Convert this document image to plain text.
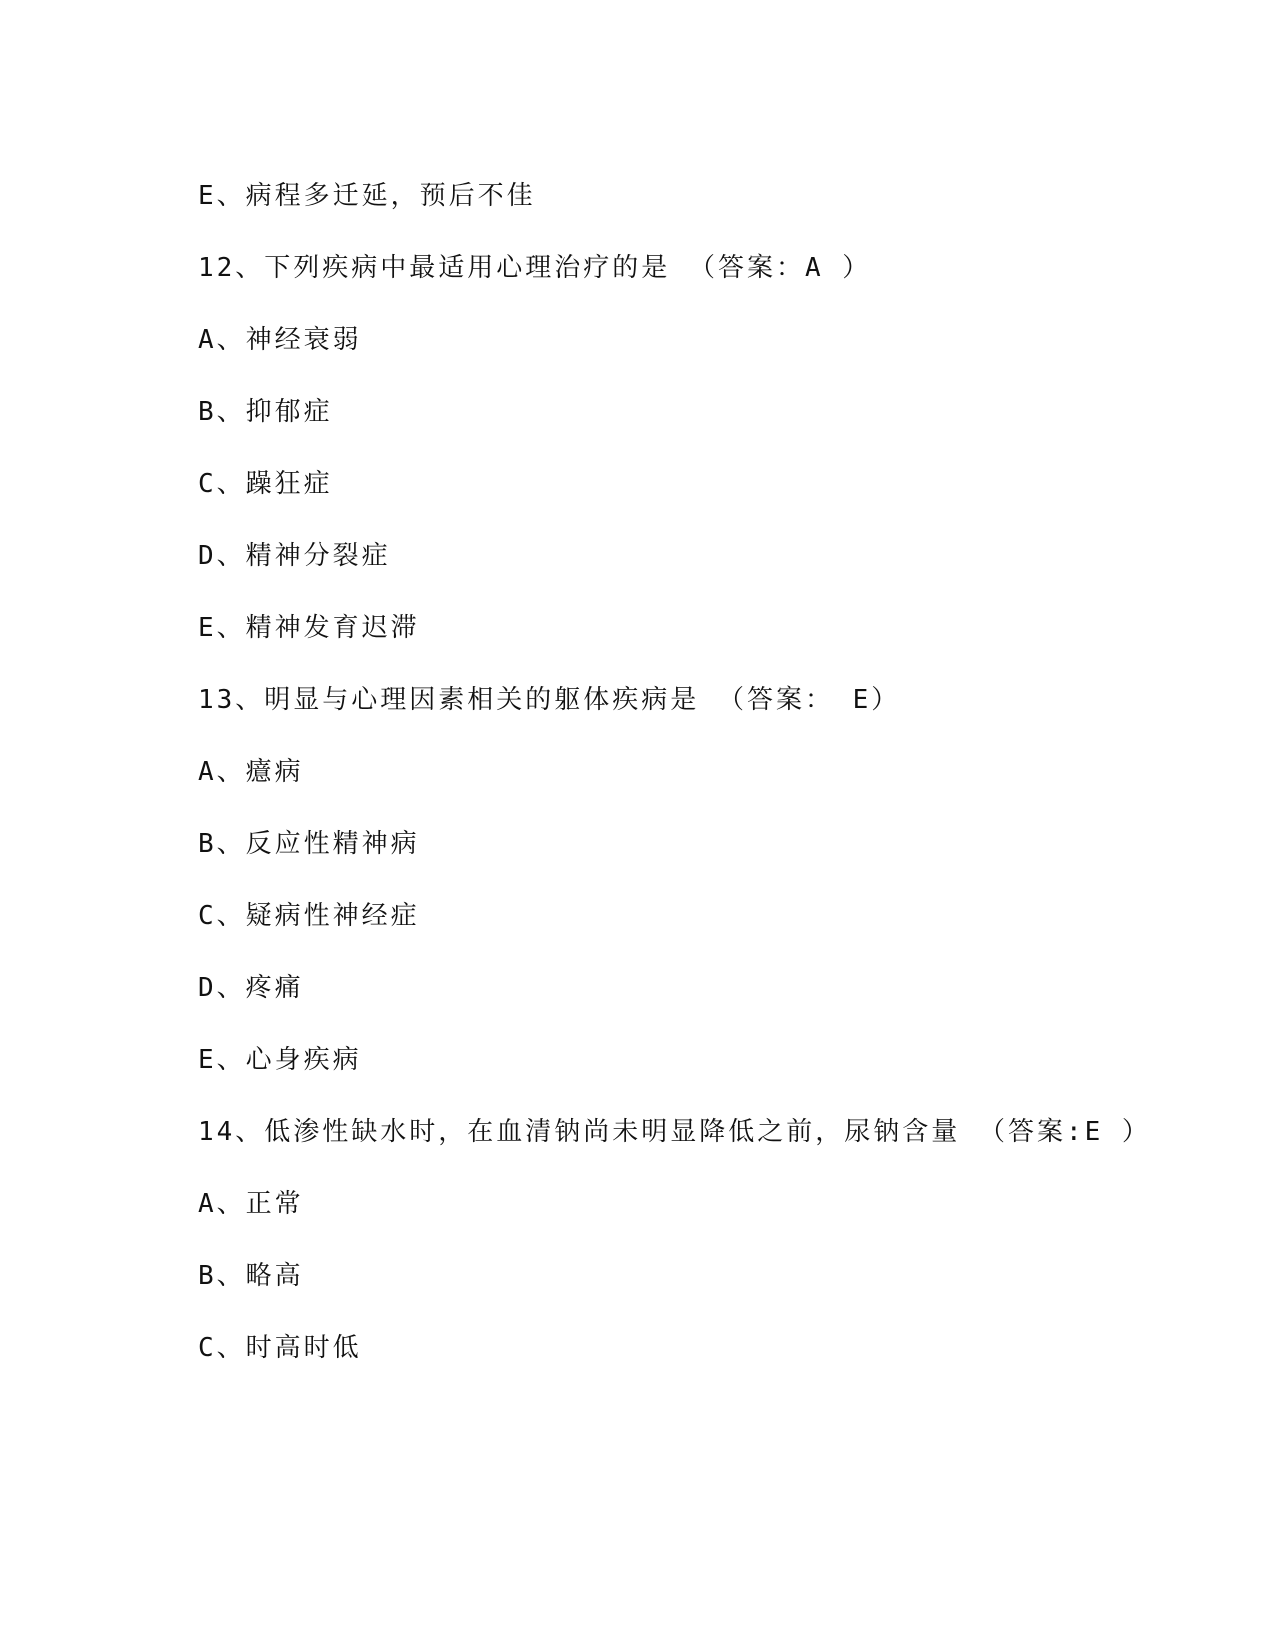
E、病程多迁延，预后不佳
12、下列疾病中最适用心理治疗的是 （答案：A ）
A、神经衰弱
B、抑郁症
C、躁狂症
D、精神分裂症
E、精神发育迟滞
13、明显与心理因素相关的躯体疾病是 （答案： E）
A、癔病
B、反应性精神病
C、疑病性神经症
D、疼痛
E、心身疾病
14、低渗性缺水时，在血清钠尚未明显降低之前，尿钠含量 （答案:E ）
A、正常
B、略高
C、时高时低
